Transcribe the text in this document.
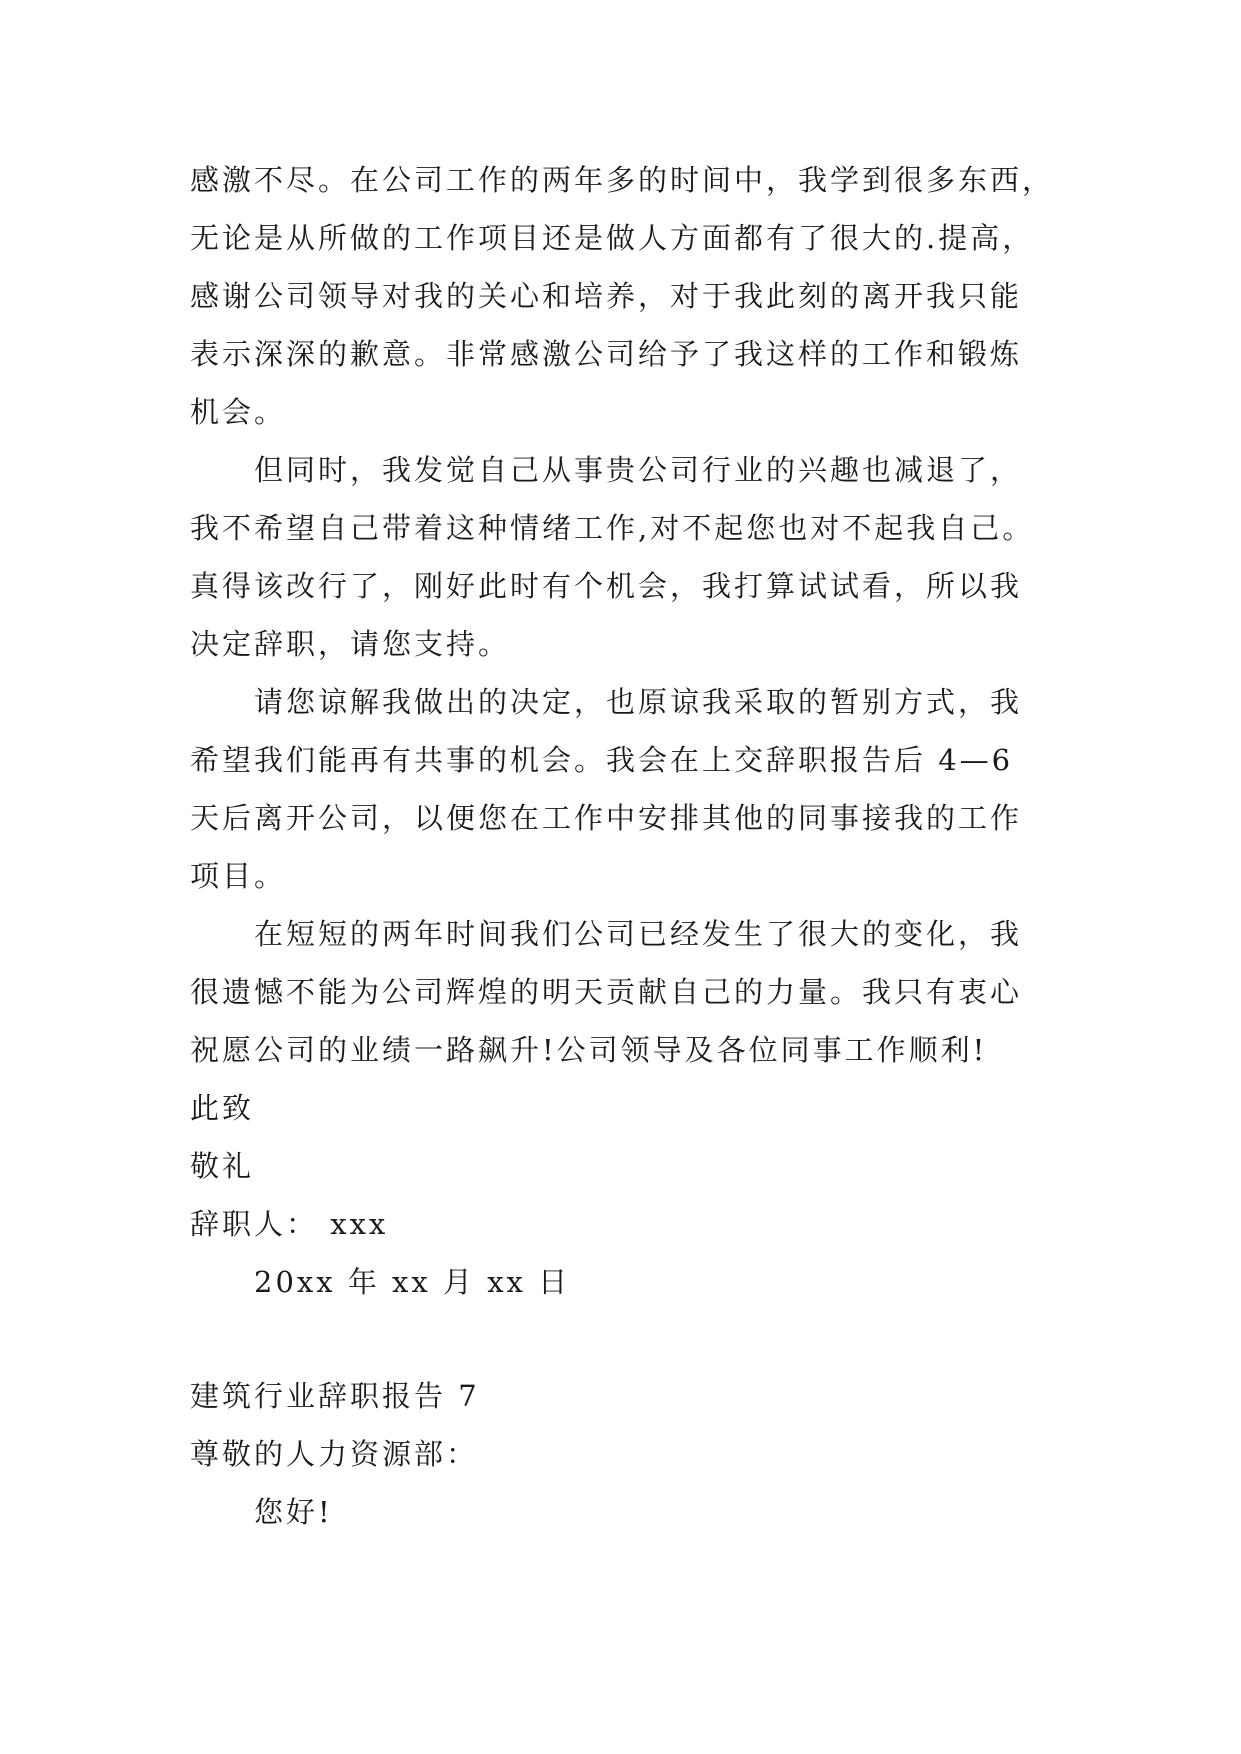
感激不尽。在公司工作的两年多的时间中，我学到很多东西，
无论是从所做的工作项目还是做人方面都有了很大的.提高，
感谢公司领导对我的关心和培养，对于我此刻的离开我只能
表示深深的歉意。非常感激公司给予了我这样的工作和锻炼
机会。
但同时，我发觉自己从事贵公司行业的兴趣也减退了，
我不希望自己带着这种情绪工作,对不起您也对不起我自己。
真得该改行了，刚好此时有个机会，我打算试试看，所以我
决定辞职，请您支持。
请您谅解我做出的决定，也原谅我采取的暂别方式，我
希望我们能再有共事的机会。我会在上交辞职报告后 4—6
天后离开公司，以便您在工作中安排其他的同事接我的工作
项目。
在短短的两年时间我们公司已经发生了很大的变化，我
很遗憾不能为公司辉煌的明天贡献自己的力量。我只有衷心
祝愿公司的业绩一路飙升!公司领导及各位同事工作顺利!
此致
敬礼
辞职人： xxx
20xx 年 xx 月 xx 日
建筑行业辞职报告 7
尊敬的人力资源部：
您好!
